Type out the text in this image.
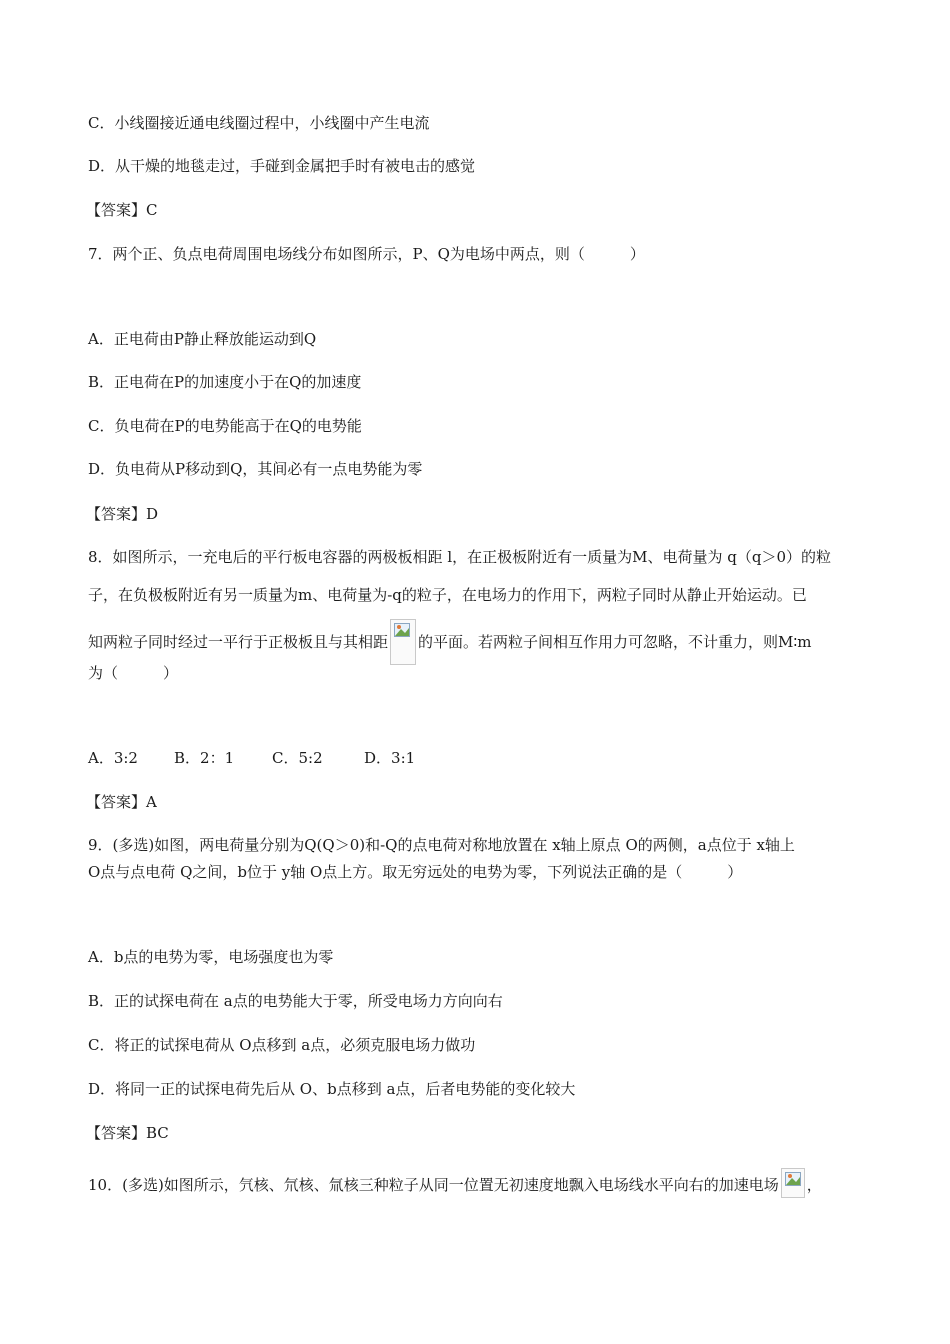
C．小线圈接近通电线圈过程中，小线圈中产生电流
D．从干燥的地毯走过，手碰到金属把手时有被电击的感觉
【答案】C
7．两个正、负点电荷周围电场线分布如图所示，P、Q为电场中两点，则（　　　）
A．正电荷由P静止释放能运动到Q
B．正电荷在P的加速度小于在Q的加速度
C．负电荷在P的电势能高于在Q的电势能
D．负电荷从P移动到Q，其间必有一点电势能为零
【答案】D
8．如图所示，一充电后的平行板电容器的两极板相距 l，在正极板附近有一质量为M、电荷量为 q（q＞0）的粒
子，在负极板附近有另一质量为m、电荷量为-q的粒子，在电场力的作用下，两粒子同时从静止开始运动。已
知两粒子同时经过一平行于正极板且与其相距 的平面。若两粒子间相互作用力可忽略，不计重力，则M∶m
为（　　　）
A．3:2 B．2：1	C．5:2	D．3:1
【答案】A
9．(多选)如图，两电荷量分别为Q(Q＞0)和-Q的点电荷对称地放置在 x轴上原点 O的两侧，a点位于 x轴上
O点与点电荷 Q之间，b位于 y轴 O点上方。取无穷远处的电势为零，下列说法正确的是（　　　）
A．b点的电势为零，电场强度也为零
B．正的试探电荷在 a点的电势能大于零，所受电场力方向向右
C．将正的试探电荷从 O点移到 a点，必须克服电场力做功
D．将同一正的试探电荷先后从 O、b点移到 a点，后者电势能的变化较大
【答案】BC
10．(多选)如图所示，氕核、氘核、氚核三种粒子从同一位置无初速度地飘入电场线水平向右的加速电场 ，
